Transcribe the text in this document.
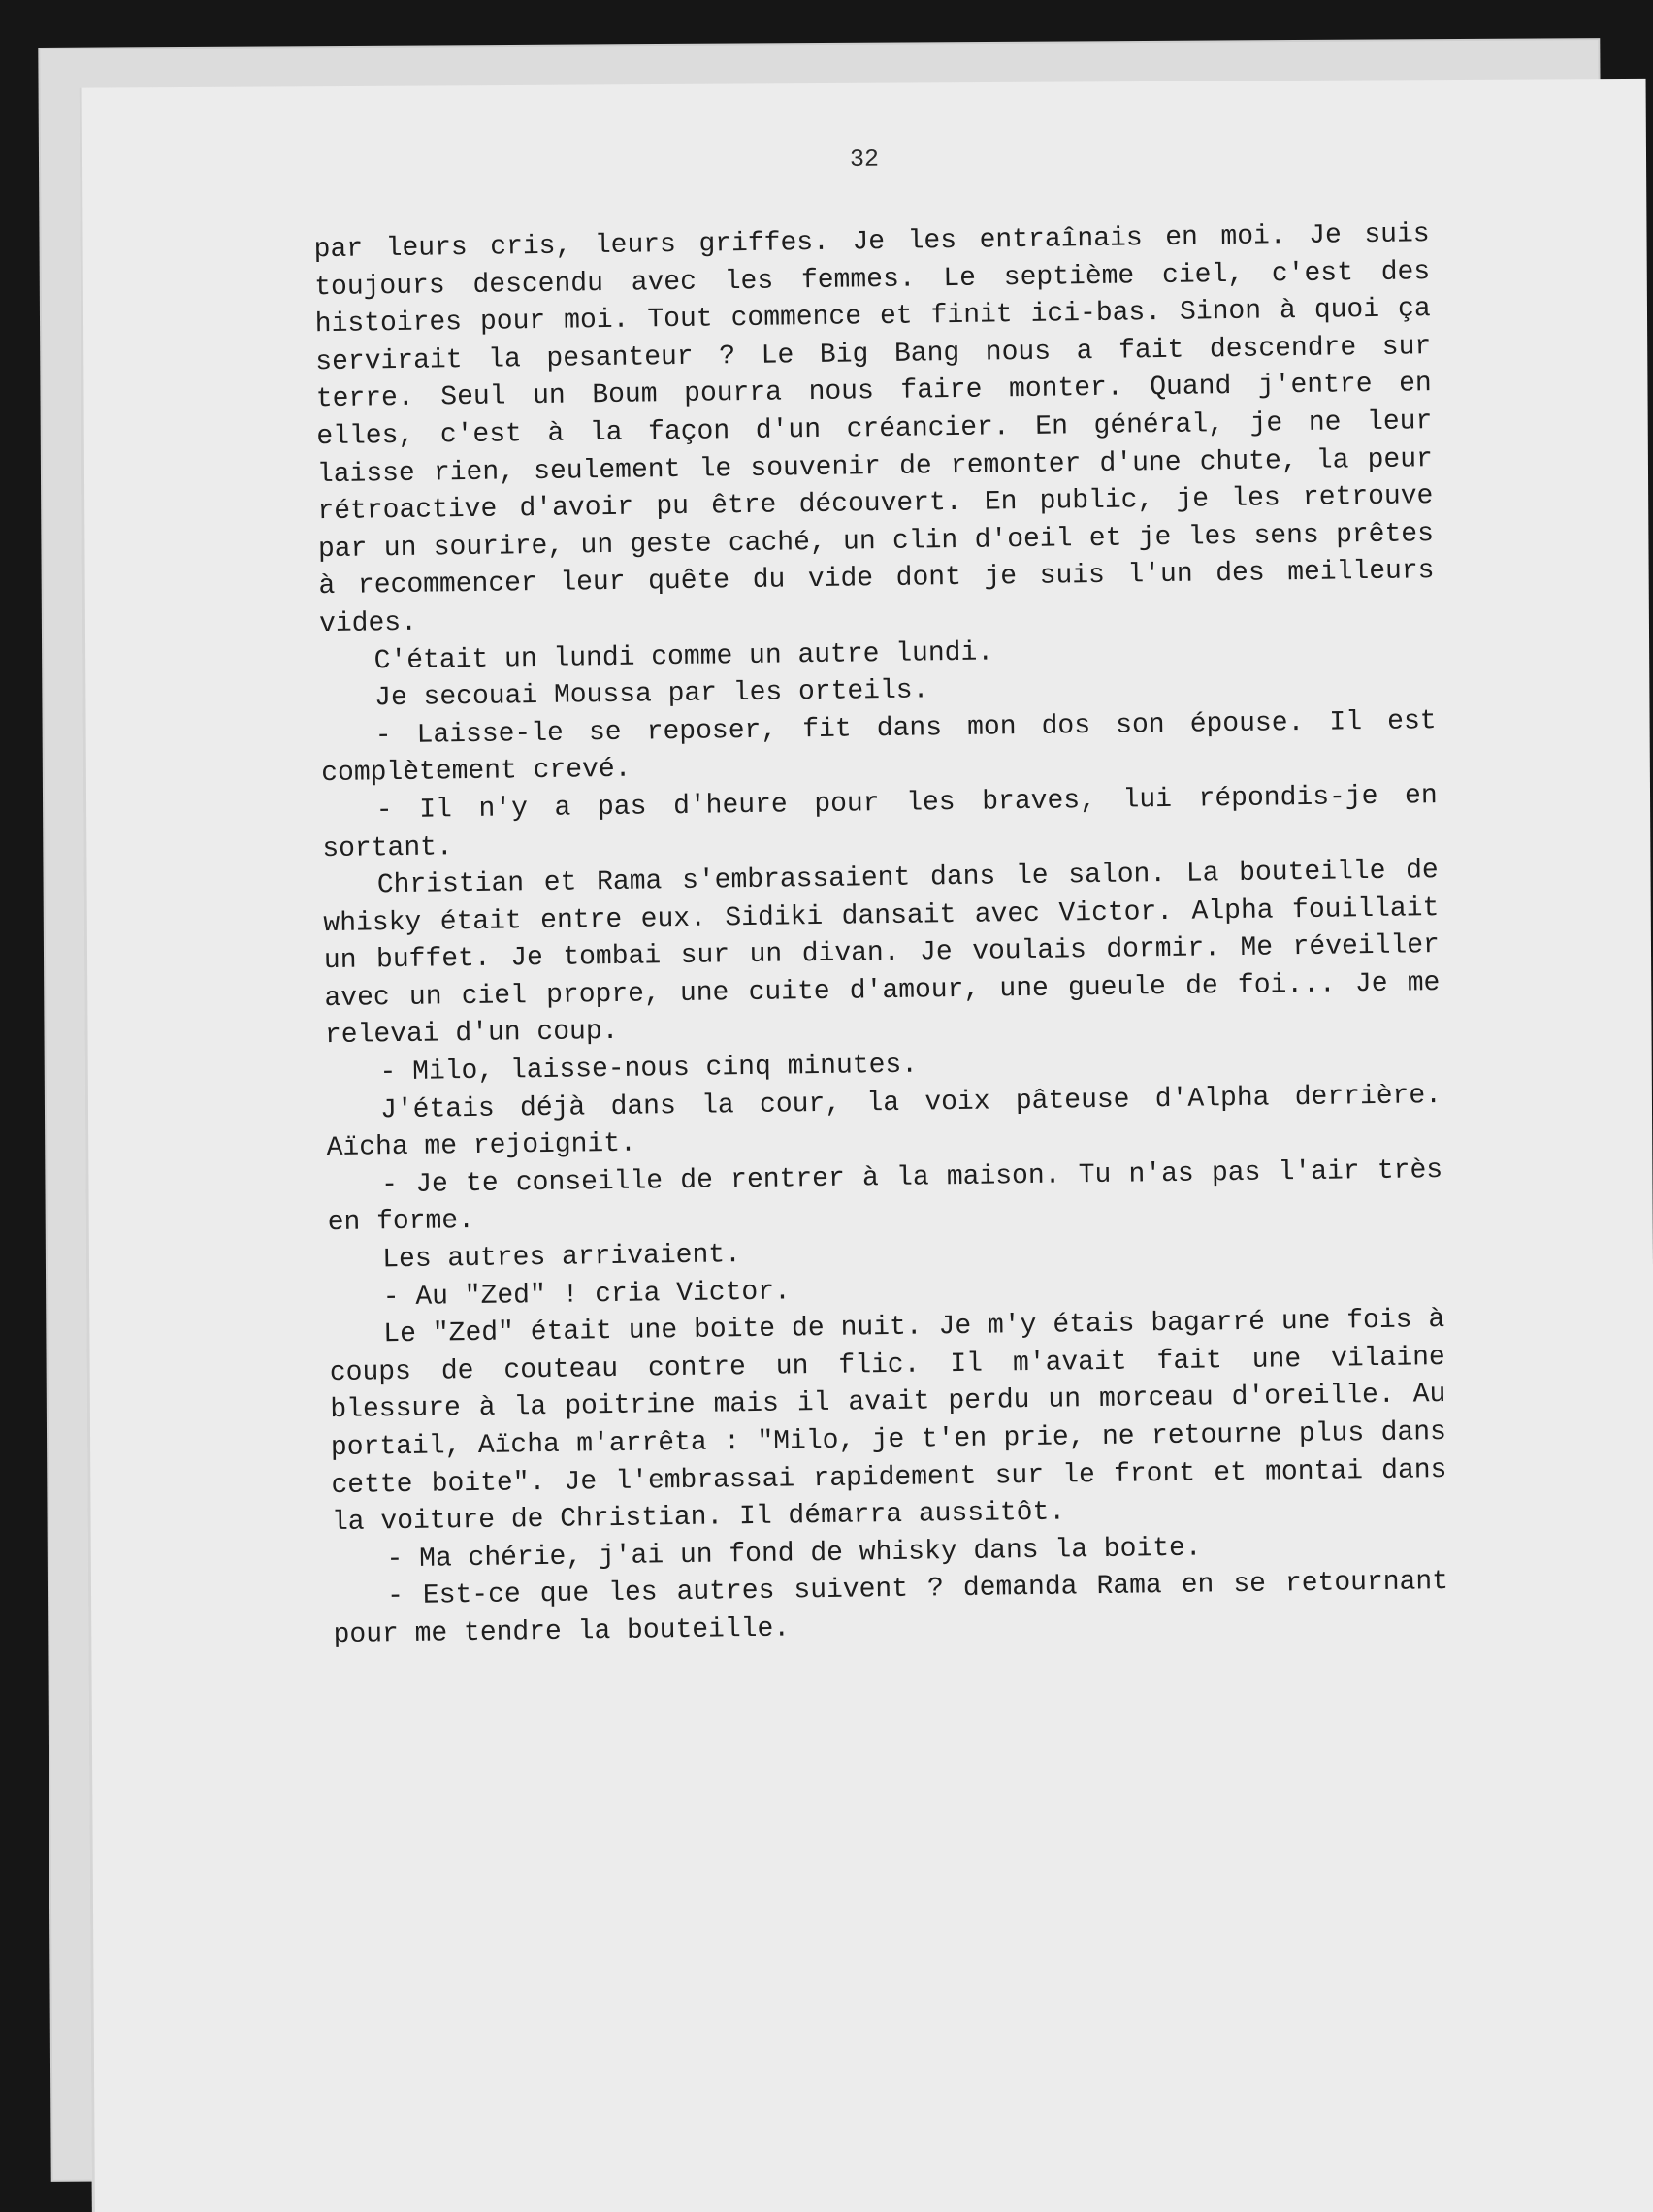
32

par leurs cris, leurs griffes. Je les entraînais en moi. Je suis toujours descendu avec les femmes. Le septième ciel, c'est des histoires pour moi. Tout commence et finit ici-bas. Sinon à quoi ça servirait la pesanteur ? Le Big Bang nous a fait descendre sur terre. Seul un Boum pourra nous faire monter. Quand j'entre en elles, c'est à la façon d'un créancier. En général, je ne leur laisse rien, seulement le souvenir de remonter d'une chute, la peur rétroactive d'avoir pu être découvert. En public, je les retrouve par un sourire, un geste caché, un clin d'oeil et je les sens prêtes à recommencer leur quête du vide dont je suis l'un des meilleurs vides.

C'était un lundi comme un autre lundi.

Je secouai Moussa par les orteils.

- Laisse-le se reposer, fit dans mon dos son épouse. Il est complètement crevé.

- Il n'y a pas d'heure pour les braves, lui répondis-je en sortant.

Christian et Rama s'embrassaient dans le salon. La bouteille de whisky était entre eux. Sidiki dansait avec Victor. Alpha fouillait un buffet. Je tombai sur un divan. Je voulais dormir. Me réveiller avec un ciel propre, une cuite d'amour, une gueule de foi... Je me relevai d'un coup.

- Milo, laisse-nous cinq minutes.

J'étais déjà dans la cour, la voix pâteuse d'Alpha derrière. Aïcha me rejoignit.

- Je te conseille de rentrer à la maison. Tu n'as pas l'air très en forme.

Les autres arrivaient.

- Au "Zed" ! cria Victor.

Le "Zed" était une boite de nuit. Je m'y étais bagarré une fois à coups de couteau contre un flic. Il m'avait fait une vilaine blessure à la poitrine mais il avait perdu un morceau d'oreille. Au portail, Aïcha m'arrêta : "Milo, je t'en prie, ne retourne plus dans cette boite". Je l'embrassai rapidement sur le front et montai dans la voiture de Christian. Il démarra aussitôt.

- Ma chérie, j'ai un fond de whisky dans la boite.

- Est-ce que les autres suivent ? demanda Rama en se retournant pour me tendre la bouteille.
